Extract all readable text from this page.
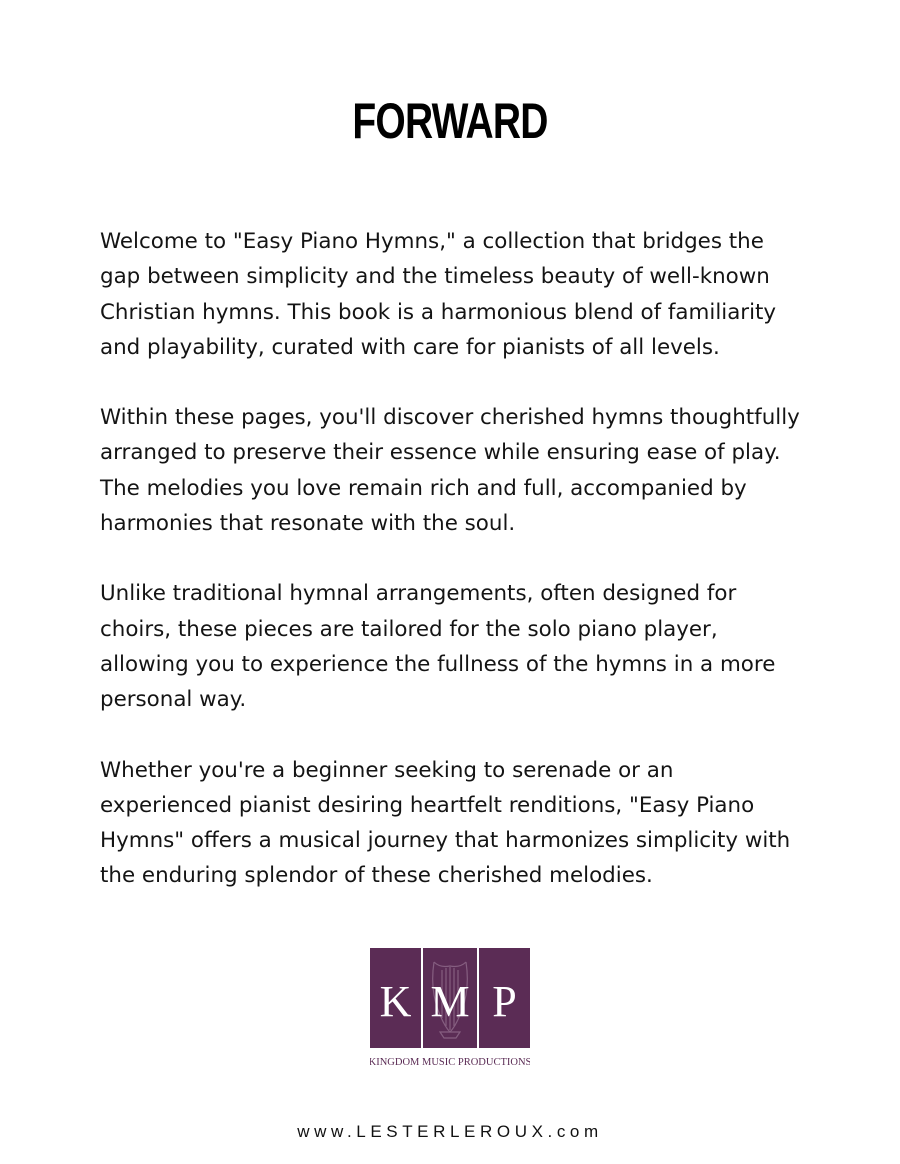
FORWARD

Welcome to "Easy Piano Hymns," a collection that bridges the gap between simplicity and the timeless beauty of well-known Christian hymns. This book is a harmonious blend of familiarity and playability, curated with care for pianists of all levels.

Within these pages, you'll discover cherished hymns thoughtfully arranged to preserve their essence while ensuring ease of play. The melodies you love remain rich and full, accompanied by harmonies that resonate with the soul.

Unlike traditional hymnal arrangements, often designed for choirs, these pieces are tailored for the solo piano player, allowing you to experience the fullness of the hymns in a more personal way.

Whether you're a beginner seeking to serenade or an experienced pianist desiring heartfelt renditions, "Easy Piano Hymns" offers a musical journey that harmonizes simplicity with the enduring splendor of these cherished melodies.

K M P
KINGDOM MUSIC PRODUCTIONS
www.LESTERLEROUX.com
